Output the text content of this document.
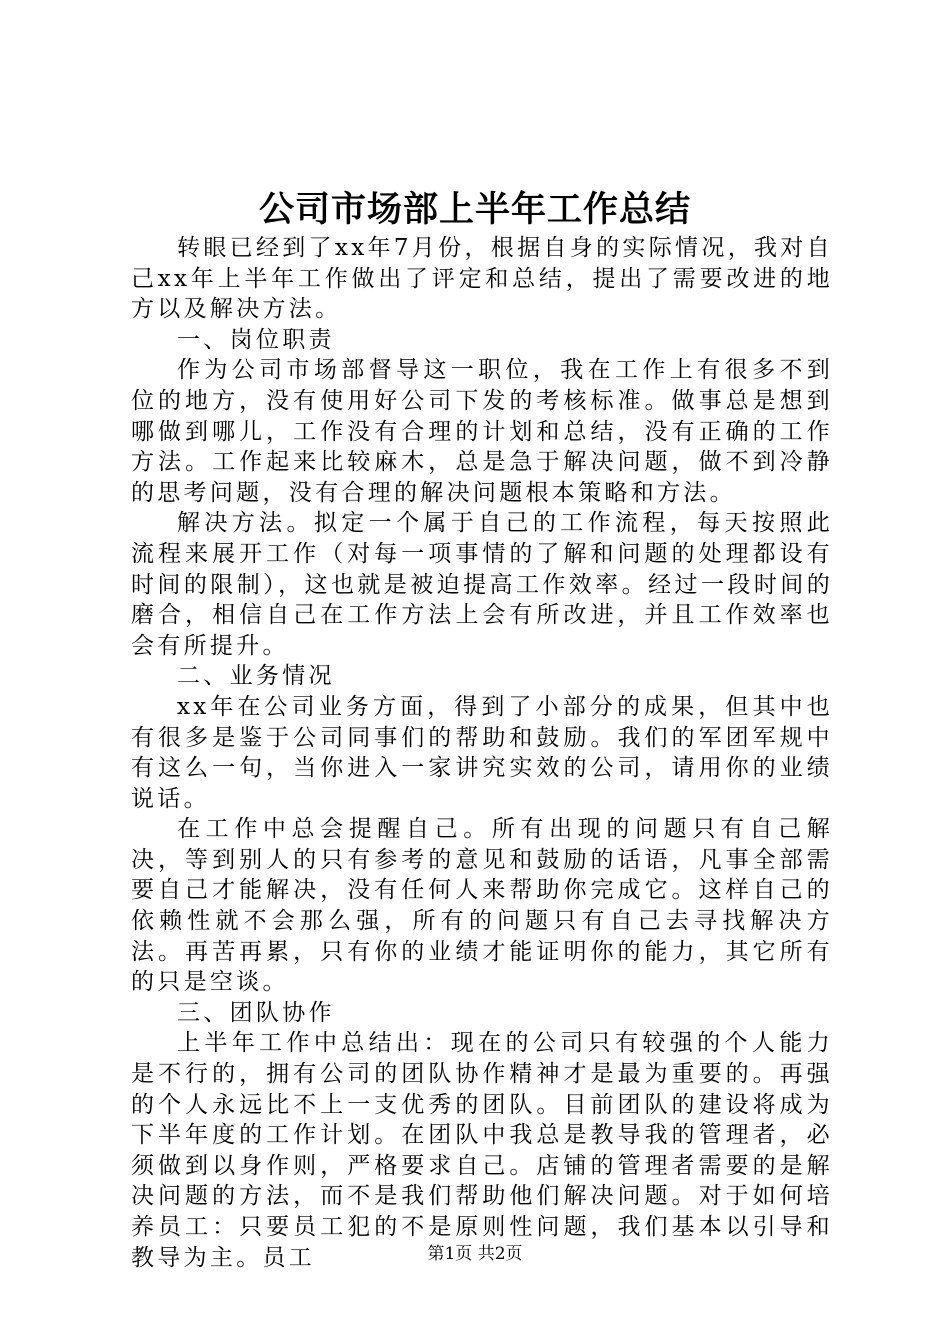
公司市场部上半年工作总结

转眼已经到了xx年7月份，根据自身的实际情况，我对自己xx年上半年工作做出了评定和总结，提出了需要改进的地方以及解决方法。

一、岗位职责

作为公司市场部督导这一职位，我在工作上有很多不到位的地方，没有使用好公司下发的考核标准。做事总是想到哪做到哪儿，工作没有合理的计划和总结，没有正确的工作方法。工作起来比较麻木，总是急于解决问题，做不到冷静的思考问题，没有合理的解决问题根本策略和方法。

解决方法。拟定一个属于自己的工作流程，每天按照此流程来展开工作（对每一项事情的了解和问题的处理都设有时间的限制），这也就是被迫提高工作效率。经过一段时间的磨合，相信自己在工作方法上会有所改进，并且工作效率也会有所提升。

二、业务情况

xx年在公司业务方面，得到了小部分的成果，但其中也有很多是鉴于公司同事们的帮助和鼓励。我们的军团军规中有这么一句，当你进入一家讲究实效的公司，请用你的业绩说话。

在工作中总会提醒自己。所有出现的问题只有自己解决，等到别人的只有参考的意见和鼓励的话语，凡事全部需要自己才能解决，没有任何人来帮助你完成它。这样自己的依赖性就不会那么强，所有的问题只有自己去寻找解决方法。再苦再累，只有你的业绩才能证明你的能力，其它所有的只是空谈。

三、团队协作

上半年工作中总结出：现在的公司只有较强的个人能力是不行的，拥有公司的团队协作精神才是最为重要的。再强的个人永远比不上一支优秀的团队。目前团队的建设将成为下半年度的工作计划。在团队中我总是教导我的管理者，必须做到以身作则，严格要求自己。店铺的管理者需要的是解决问题的方法，而不是我们帮助他们解决问题。对于如何培养员工：只要员工犯的不是原则性问题，我们基本以引导和教导为主。员工	第1页 共2页
